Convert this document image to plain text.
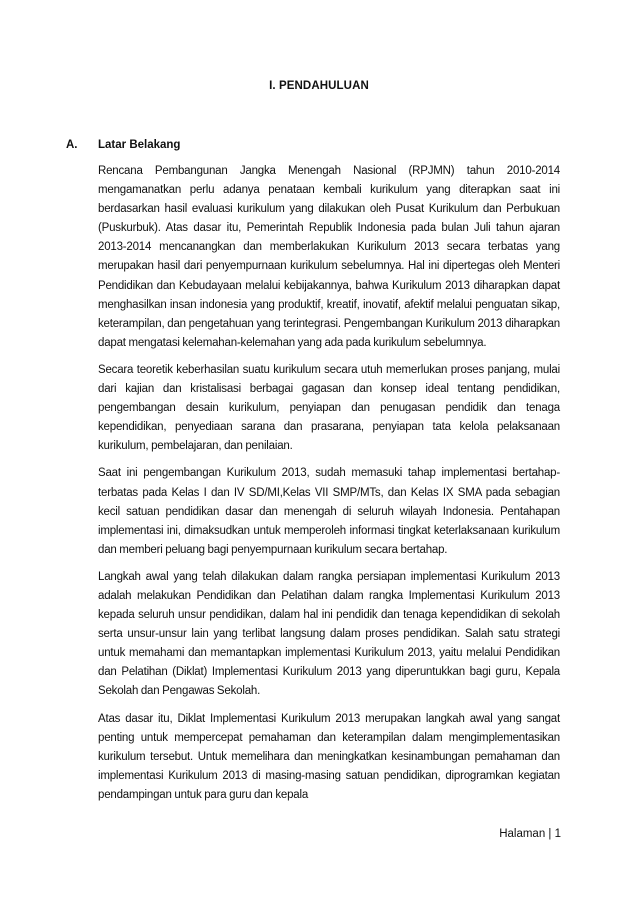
I. PENDAHULUAN
A. Latar Belakang

Rencana Pembangunan Jangka Menengah Nasional (RPJMN) tahun 2010-2014 mengamanatkan perlu adanya penataan kembali kurikulum yang diterapkan saat ini berdasarkan hasil evaluasi kurikulum yang dilakukan oleh Pusat Kurikulum dan Perbukuan (Puskurbuk). Atas dasar itu, Pemerintah Republik Indonesia pada bulan Juli tahun ajaran 2013-2014 mencanangkan dan memberlakukan Kurikulum 2013 secara terbatas yang merupakan hasil dari penyempurnaan kurikulum sebelumnya. Hal ini dipertegas oleh Menteri Pendidikan dan Kebudayaan melalui kebijakannya, bahwa Kurikulum 2013 diharapkan dapat menghasilkan insan indonesia yang produktif, kreatif, inovatif, afektif melalui penguatan sikap, keterampilan, dan pengetahuan yang terintegrasi. Pengembangan Kurikulum 2013 diharapkan dapat mengatasi kelemahan-kelemahan yang ada pada kurikulum sebelumnya.

Secara teoretik keberhasilan suatu kurikulum secara utuh memerlukan proses panjang, mulai dari kajian dan kristalisasi berbagai gagasan dan konsep ideal tentang pendidikan, pengembangan desain kurikulum, penyiapan dan penugasan pendidik dan tenaga kependidikan, penyediaan sarana dan prasarana, penyiapan tata kelola pelaksanaan kurikulum, pembelajaran, dan penilaian.

Saat ini pengembangan Kurikulum 2013, sudah memasuki tahap implementasi bertahap-terbatas pada Kelas I dan IV SD/MI,Kelas VII SMP/MTs, dan Kelas IX SMA pada sebagian kecil satuan pendidikan dasar dan menengah di seluruh wilayah Indonesia. Pentahapan implementasi ini, dimaksudkan untuk memperoleh informasi tingkat keterlaksanaan kurikulum dan memberi peluang bagi penyempurnaan kurikulum secara bertahap.

Langkah awal yang telah dilakukan dalam rangka persiapan implementasi Kurikulum 2013 adalah melakukan Pendidikan dan Pelatihan dalam rangka Implementasi Kurikulum 2013 kepada seluruh unsur pendidikan, dalam hal ini pendidik dan tenaga kependidikan di sekolah serta unsur-unsur lain yang terlibat langsung dalam proses pendidikan. Salah satu strategi untuk memahami dan memantapkan implementasi Kurikulum 2013, yaitu melalui Pendidikan dan Pelatihan (Diklat) Implementasi Kurikulum 2013 yang diperuntukkan bagi guru, Kepala Sekolah dan Pengawas Sekolah.

Atas dasar itu, Diklat Implementasi Kurikulum 2013 merupakan langkah awal yang sangat penting untuk mempercepat pemahaman dan keterampilan dalam mengimplementasikan kurikulum tersebut. Untuk memelihara dan meningkatkan kesinambungan pemahaman dan implementasi Kurikulum 2013 di masing-masing satuan pendidikan, diprogramkan kegiatan pendampingan untuk para guru dan kepala

Halaman | 1
